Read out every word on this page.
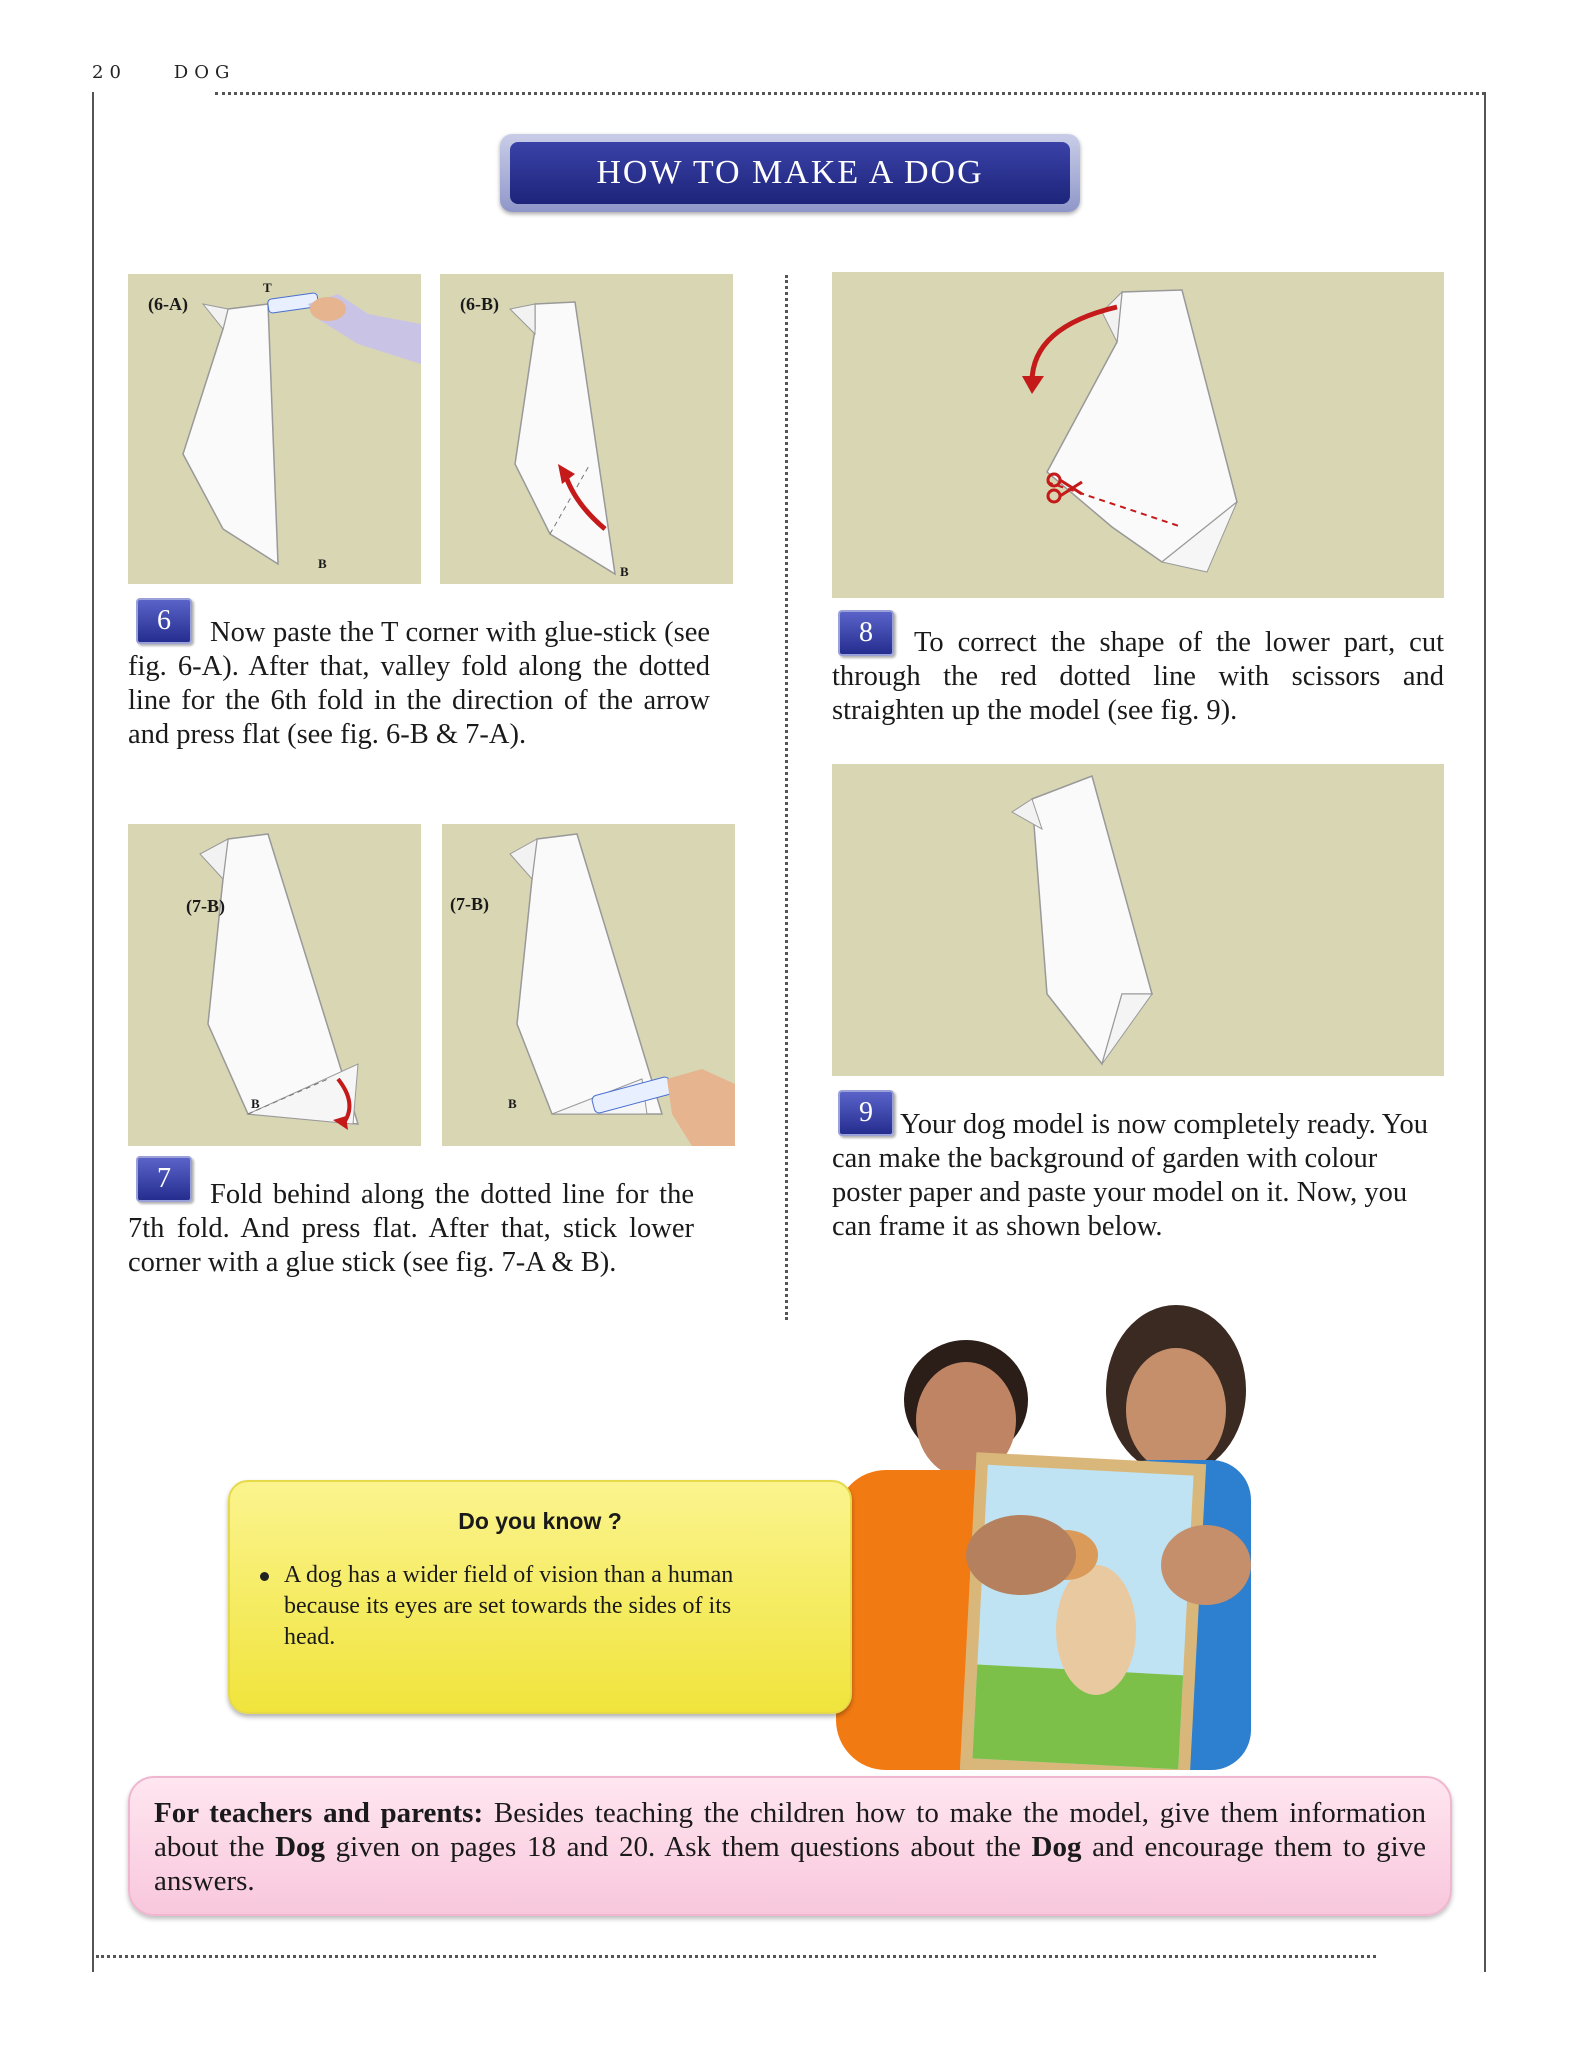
20	DOG
HOW TO MAKE A DOG
(6-A)
T
B
(6-B)
B
6	Now paste the T corner with glue-stick (see fig. 6-A). After that, valley fold along the dotted line for the 6th fold in the direction of the arrow and press flat (see fig. 6-B & 7-A).
(7-B)
B
(7-B)
B
7
Fold behind along the dotted line for the 7th fold. And press flat. After that, stick lower corner with a glue stick (see fig. 7-A & B).
8	To correct the shape of the lower part, cut through the red dotted line with scissors and straighten up the model (see fig. 9).
9 Your dog model is now completely ready. You can make the background of garden with colour poster paper and paste your model on it. Now, you can frame it as shown below.
Do you know ?
A dog has a wider field of vision than a human because its eyes are set towards the sides of its head.
For teachers and parents: Besides teaching the children how to make the model, give them information about the Dog given on pages 18 and 20. Ask them questions about the Dog and encourage them to give answers.
